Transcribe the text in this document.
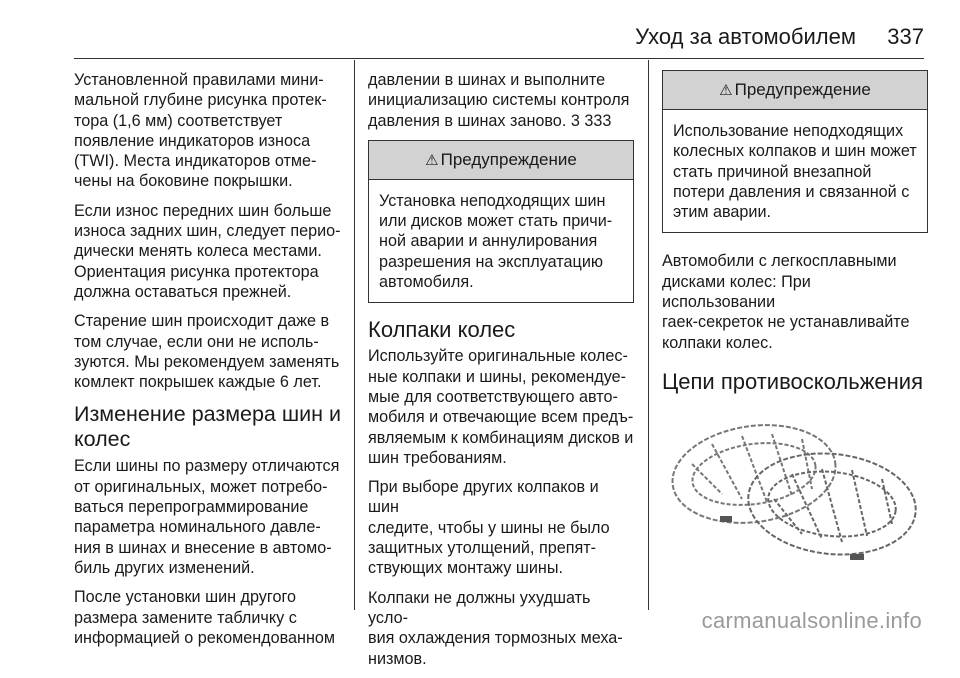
Уход за автомобилем 337

Установленной правилами мини-
мальной глубине рисунка протек-
тора (1,6 мм) соответствует
появление индикаторов износа
(TWI). Места индикаторов отме-
чены на боковине покрышки.

Если износ передних шин больше
износа задних шин, следует перио-
дически менять колеса местами.
Ориентация рисунка протектора
должна оставаться прежней.

Старение шин происходит даже в
том случае, если они не исполь-
зуются. Мы рекомендуем заменять
комлект покрышек каждые 6 лет.

Изменение размера шин и
колес

Если шины по размеру отличаются
от оригинальных, может потребо-
ваться перепрограммирование
параметра номинального давле-
ния в шинах и внесение в автомо-
биль других изменений.

После установки шин другого
размера замените табличку с
информацией о рекомендованном

давлении в шинах и выполните
инициализацию системы контроля
давления в шинах заново. 3 333

⚠ Предупреждение
Установка неподходящих шин
или дисков может стать причи-
ной аварии и аннулирования
разрешения на эксплуатацию
автомобиля.
Колпаки колес

Используйте оригинальные колес-
ные колпаки и шины, рекомендуе-
мые для соответствующего авто-
мобиля и отвечающие всем предъ-
являемым к комбинациям дисков и
шин требованиям.

При выборе других колпаков и шин
следите, чтобы у шины не было
защитных утолщений, препят-
ствующих монтажу шины.

Колпаки не должны ухудшать усло-
вия охлаждения тормозных меха-
низмов.

⚠ Предупреждение
Использование неподходящих
колесных колпаков и шин может
стать причиной внезапной
потери давления и связанной с
этим аварии.

Автомобили с легкосплавными
дисками колес: При использовании
гаек-секреток не устанавливайте
колпаки колес.

Цепи противоскольжения
carmanualsonline.info
